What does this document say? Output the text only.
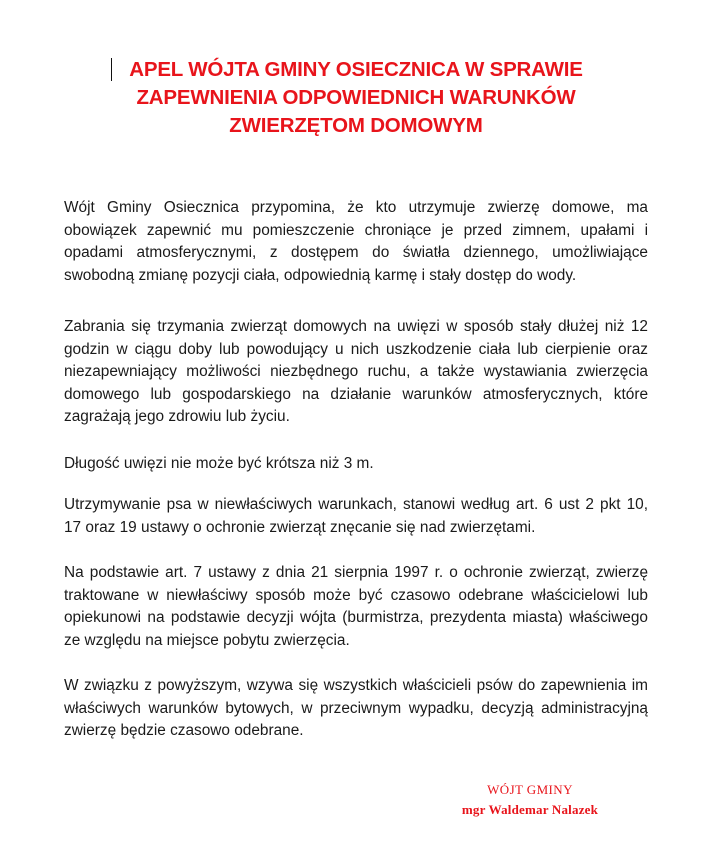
APEL WÓJTA GMINY OSIECZNICA W SPRAWIE
ZAPEWNIENIA ODPOWIEDNICH WARUNKÓW
ZWIERZĘTOM DOMOWYM

Wójt Gminy Osiecznica przypomina, że kto utrzymuje zwierzę domowe, ma obowiązek zapewnić mu pomieszczenie chroniące je przed zimnem, upałami i opadami atmosferycznymi, z dostępem do światła dziennego, umożliwiające swobodną zmianę pozycji ciała, odpowiednią karmę i stały dostęp do wody.

Zabrania się trzymania zwierząt domowych na uwięzi w sposób stały dłużej niż 12 godzin w ciągu doby lub powodujący u nich uszkodzenie ciała lub cierpienie oraz niezapewniający możliwości niezbędnego ruchu, a także wystawiania zwierzęcia domowego lub gospodarskiego na działanie warunków atmosferycznych, które zagrażają jego zdrowiu lub życiu.

Długość uwięzi nie może być krótsza niż 3 m.

Utrzymywanie psa w niewłaściwych warunkach, stanowi według art. 6 ust 2 pkt 10, 17 oraz 19 ustawy o ochronie zwierząt znęcanie się nad zwierzętami.

Na podstawie art. 7 ustawy z dnia 21 sierpnia 1997 r. o ochronie zwierząt, zwierzę traktowane w niewłaściwy sposób może być czasowo odebrane właścicielowi lub opiekunowi na podstawie decyzji wójta (burmistrza, prezydenta miasta) właściwego ze względu na miejsce pobytu zwierzęcia.

W związku z powyższym, wzywa się wszystkich właścicieli psów do zapewnienia im właściwych warunków bytowych, w przeciwnym wypadku, decyzją administracyjną zwierzę będzie czasowo odebrane.

WÓJT GMINY
mgr Waldemar Nalazek
